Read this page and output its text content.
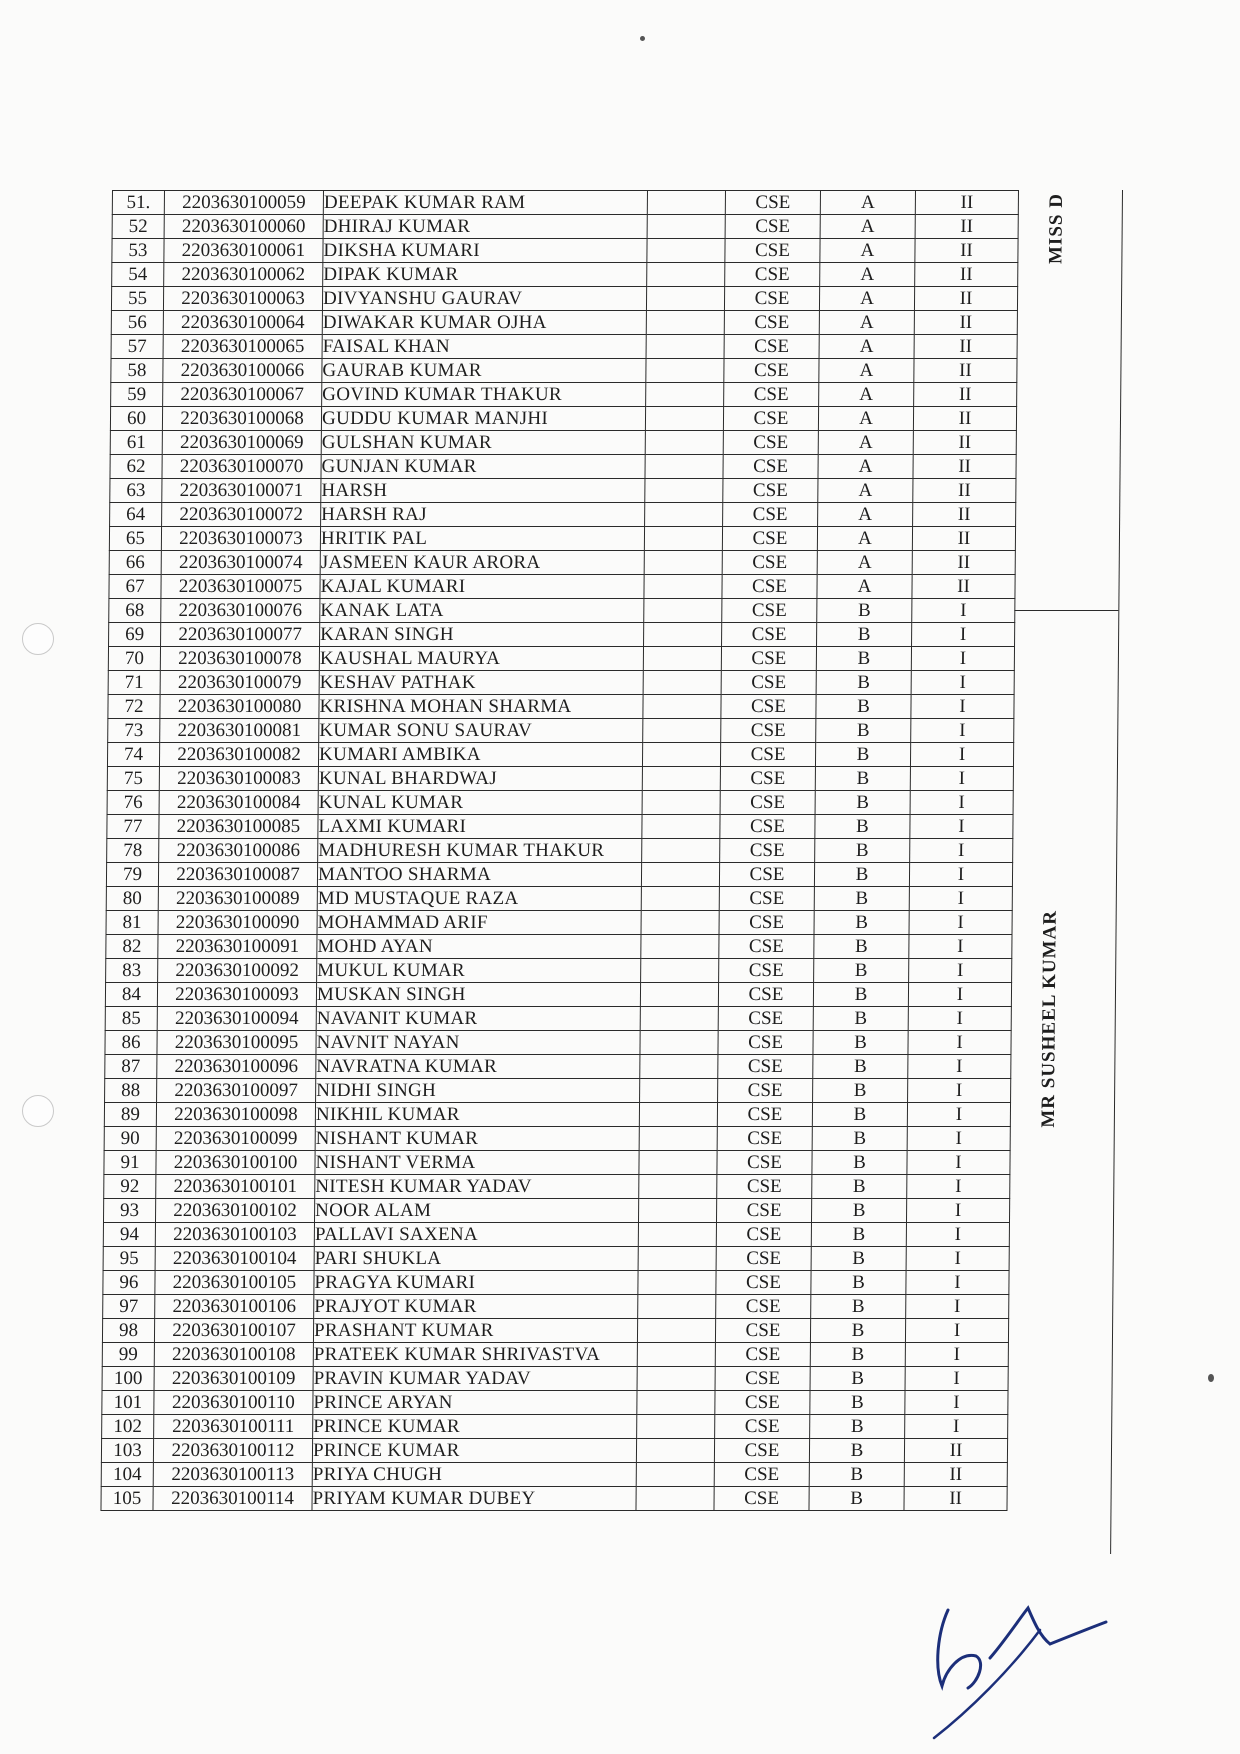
51.	2203630100059	DEEPAK KUMAR RAM		CSE	A	II
52	2203630100060	DHIRAJ KUMAR		CSE	A	II
53	2203630100061	DIKSHA KUMARI		CSE	A	II
54	2203630100062	DIPAK KUMAR		CSE	A	II
55	2203630100063	DIVYANSHU GAURAV		CSE	A	II
56	2203630100064	DIWAKAR KUMAR OJHA		CSE	A	II
57	2203630100065	FAISAL KHAN		CSE	A	II
58	2203630100066	GAURAB KUMAR		CSE	A	II
59	2203630100067	GOVIND KUMAR THAKUR		CSE	A	II
60	2203630100068	GUDDU KUMAR MANJHI		CSE	A	II
61	2203630100069	GULSHAN KUMAR		CSE	A	II
62	2203630100070	GUNJAN KUMAR		CSE	A	II
63	2203630100071	HARSH		CSE	A	II
64	2203630100072	HARSH RAJ		CSE	A	II
65	2203630100073	HRITIK PAL		CSE	A	II
66	2203630100074	JASMEEN KAUR ARORA		CSE	A	II
67	2203630100075	KAJAL KUMARI		CSE	A	II
68	2203630100076	KANAK LATA		CSE	B	I
69	2203630100077	KARAN SINGH		CSE	B	I
70	2203630100078	KAUSHAL MAURYA		CSE	B	I
71	2203630100079	KESHAV PATHAK		CSE	B	I
72	2203630100080	KRISHNA MOHAN SHARMA		CSE	B	I
73	2203630100081	KUMAR SONU SAURAV		CSE	B	I
74	2203630100082	KUMARI AMBIKA		CSE	B	I
75	2203630100083	KUNAL BHARDWAJ		CSE	B	I
76	2203630100084	KUNAL KUMAR		CSE	B	I
77	2203630100085	LAXMI KUMARI		CSE	B	I
78	2203630100086	MADHURESH KUMAR THAKUR		CSE	B	I
79	2203630100087	MANTOO SHARMA		CSE	B	I
80	2203630100089	MD MUSTAQUE RAZA		CSE	B	I
81	2203630100090	MOHAMMAD ARIF		CSE	B	I
82	2203630100091	MOHD AYAN		CSE	B	I
83	2203630100092	MUKUL KUMAR		CSE	B	I
84	2203630100093	MUSKAN SINGH		CSE	B	I
85	2203630100094	NAVANIT KUMAR		CSE	B	I
86	2203630100095	NAVNIT NAYAN		CSE	B	I
87	2203630100096	NAVRATNA KUMAR		CSE	B	I
88	2203630100097	NIDHI SINGH		CSE	B	I
89	2203630100098	NIKHIL KUMAR		CSE	B	I
90	2203630100099	NISHANT KUMAR		CSE	B	I
91	2203630100100	NISHANT VERMA		CSE	B	I
92	2203630100101	NITESH KUMAR YADAV		CSE	B	I
93	2203630100102	NOOR ALAM		CSE	B	I
94	2203630100103	PALLAVI SAXENA		CSE	B	I
95	2203630100104	PARI SHUKLA		CSE	B	I
96	2203630100105	PRAGYA KUMARI		CSE	B	I
97	2203630100106	PRAJYOT KUMAR		CSE	B	I
98	2203630100107	PRASHANT KUMAR		CSE	B	I
99	2203630100108	PRATEEK KUMAR SHRIVASTVA		CSE	B	I
100	2203630100109	PRAVIN KUMAR YADAV		CSE	B	I
101	2203630100110	PRINCE ARYAN		CSE	B	I
102	2203630100111	PRINCE KUMAR		CSE	B	I
103	2203630100112	PRINCE KUMAR		CSE	B	II
104	2203630100113	PRIYA CHUGH		CSE	B	II
105	2203630100114	PRIYAM KUMAR DUBEY		CSE	B	II
MISS D
MR SUSHEEL KUMAR
